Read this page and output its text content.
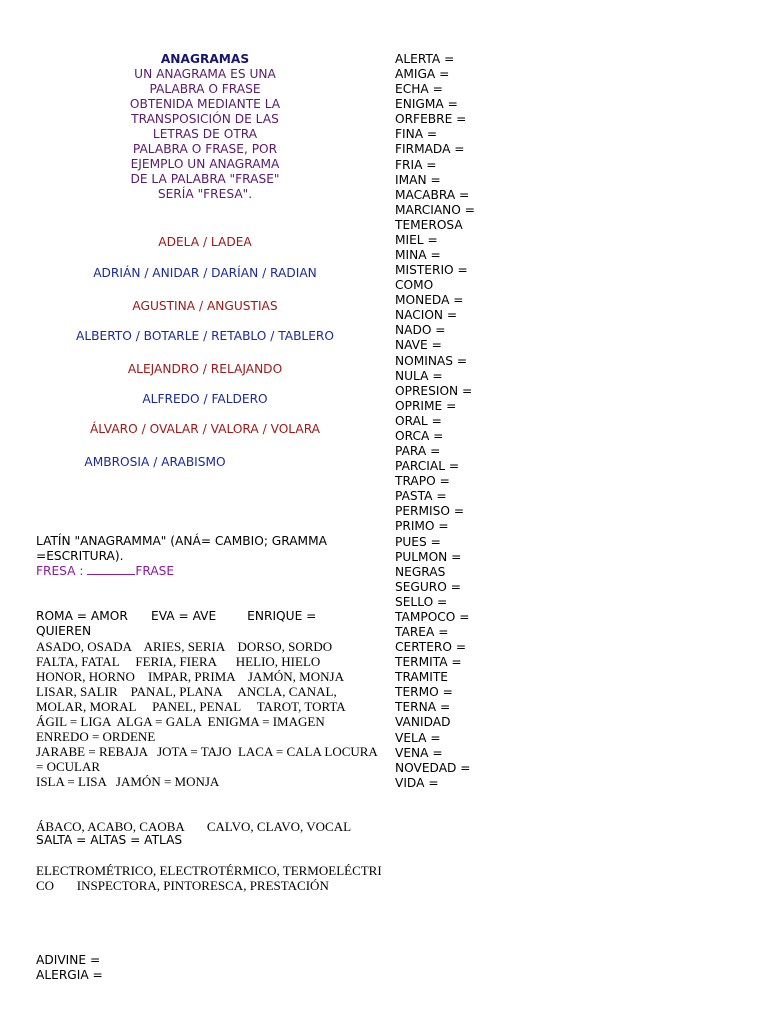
ANAGRAMAS
UN ANAGRAMA ES UNA
PALABRA O FRASE
OBTENIDA MEDIANTE LA
TRANSPOSICIÓN DE LAS
LETRAS DE OTRA
PALABRA O FRASE, POR
EJEMPLO UN ANAGRAMA
DE LA PALABRA "FRASE"
SERÍA "FRESA".
ADELA / LADEA
ADRIÁN / ANIDAR / DARÍAN / RADIAN
AGUSTINA / ANGUSTIAS
ALBERTO / BOTARLE / RETABLO / TABLERO
ALEJANDRO / RELAJANDO
ALFREDO / FALDERO
ÁLVARO / OVALAR / VALORA / VOLARA
AMBROSIA / ARABISMO
LATÍN "ANAGRAMMA" (ANÁ= CAMBIO; GRAMMA
=ESCRITURA).
FRESA :	FRASE
ROMA = AMOR      EVA = AVE        ENRIQUE =
QUIEREN
ASADO, OSADA    ARIES, SERIA    DORSO, SORDO
FALTA, FATAL     FERIA, FIERA      HELIO, HIELO
HONOR, HORNO    IMPAR, PRIMA    JAMÓN, MONJA
LISAR, SALIR    PANAL, PLANA     ANCLA, CANAL,
MOLAR, MORAL     PANEL, PENAL     TAROT, TORTA
ÁGIL = LIGA  ALGA = GALA  ENIGMA = IMAGEN
ENREDO = ORDENE
JARABE = REBAJA   JOTA = TAJO  LACA = CALA LOCURA
= OCULAR
ISLA = LISA   JAMÓN = MONJA
ÁBACO, ACABO, CAOBA       CALVO, CLAVO, VOCAL
SALTA = ALTAS = ATLAS
ELECTROMÉTRICO, ELECTROTÉRMICO, TERMOELÉCTRI
CO       INSPECTORA, PINTORESCA, PRESTACIÓN
ADIVINE =
ALERGIA =
ALERTA =
AMIGA =
ECHA =
ENIGMA =
ORFEBRE =
FINA =
FIRMADA =
FRIA =
IMAN =
MACABRA =
MARCIANO =
TEMEROSA
MIEL =
MINA =
MISTERIO =
COMO
MONEDA =
NACION =
NADO =
NAVE =
NOMINAS =
NULA =
OPRESION =
OPRIME =
ORAL =
ORCA =
PARA =
PARCIAL =
TRAPO =
PASTA =
PERMISO =
PRIMO =
PUES =
PULMON =
NEGRAS
SEGURO =
SELLO =
TAMPOCO =
TAREA =
CERTERO =
TERMITA =
TRAMITE
TERMO =
TERNA =
VANIDAD
VELA =
VENA =
NOVEDAD =
VIDA =
